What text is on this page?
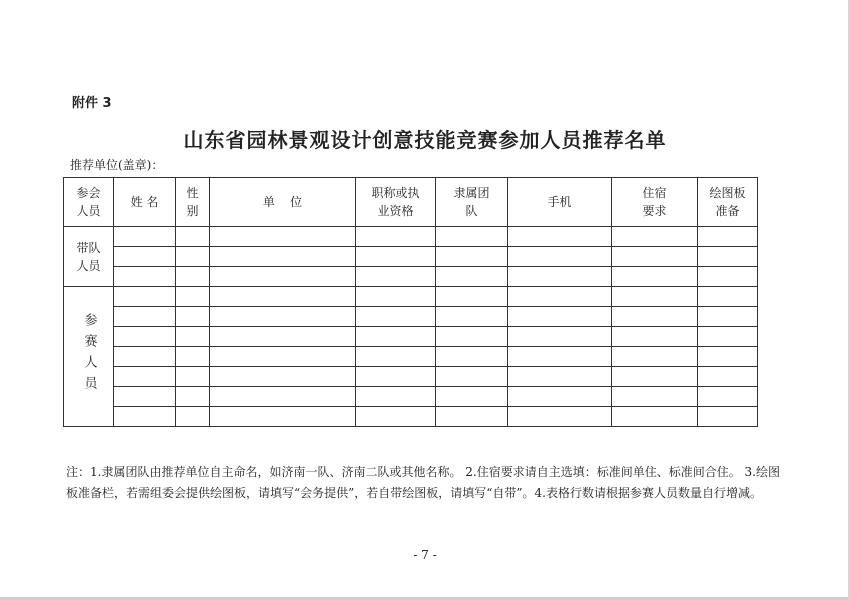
附件 3
山东省园林景观设计创意技能竞赛参加人员推荐名单
推荐单位(盖章)：
参会人员	姓 名	性别	单    位	职称或执业资格	隶属团队	手机	住宿要求	绘图板准备
带队人员								

参赛人员								

注：1.隶属团队由推荐单位自主命名，如济南一队、济南二队或其他名称。 2.住宿要求请自主选填：标准间单住、标准间合住。 3.绘图板准备栏，若需组委会提供绘图板，请填写“会务提供”，若自带绘图板，请填写“自带”。4.表格行数请根据参赛人员数量自行增减。
- 7 -
